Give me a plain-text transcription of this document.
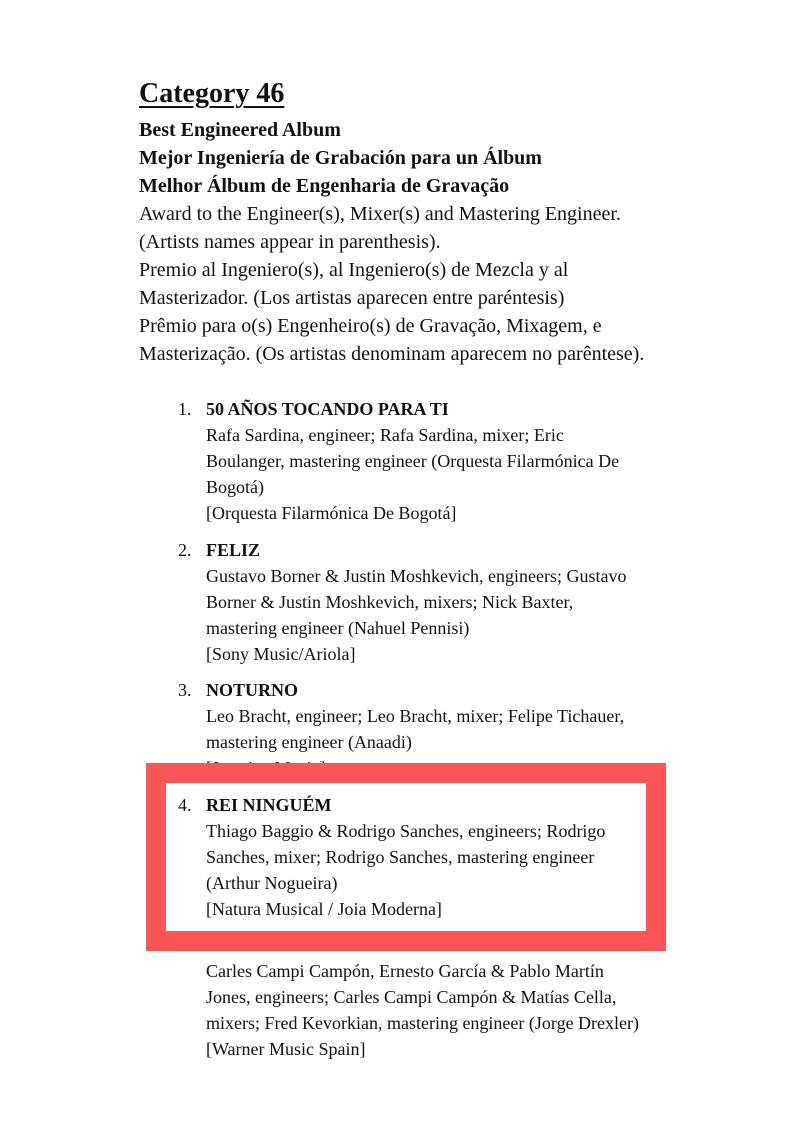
Category 46
Best Engineered Album
Mejor Ingeniería de Grabación para un Álbum
Melhor Álbum de Engenharia de Gravação
Award to the Engineer(s), Mixer(s) and Mastering Engineer.
(Artists names appear in parenthesis).
Premio al Ingeniero(s), al Ingeniero(s) de Mezcla y al
Masterizador. (Los artistas aparecen entre paréntesis)
Prêmio para o(s) Engenheiro(s) de Gravação, Mixagem, e
Masterização. (Os artistas denominam aparecem no parêntese).
1. 50 AÑOS TOCANDO PARA TI
Rafa Sardina, engineer; Rafa Sardina, mixer; Eric
Boulanger, mastering engineer (Orquesta Filarmónica De
Bogotá)
[Orquesta Filarmónica De Bogotá]
2. FELIZ
Gustavo Borner & Justin Moshkevich, engineers; Gustavo
Borner & Justin Moshkevich, mixers; Nick Baxter,
mastering engineer (Nahuel Pennisi)
[Sony Music/Ariola]
3. NOTURNO
Leo Bracht, engineer; Leo Bracht, mixer; Felipe Tichauer,
mastering engineer (Anaadi)
4. REI NINGUÉM
Thiago Baggio & Rodrigo Sanches, engineers; Rodrigo
Sanches, mixer; Rodrigo Sanches, mastering engineer
(Arthur Nogueira)
[Natura Musical / Joia Moderna]
Carles Campi Campón, Ernesto García & Pablo Martín
Jones, engineers; Carles Campi Campón & Matías Cella,
mixers; Fred Kevorkian, mastering engineer (Jorge Drexler)
[Warner Music Spain]
